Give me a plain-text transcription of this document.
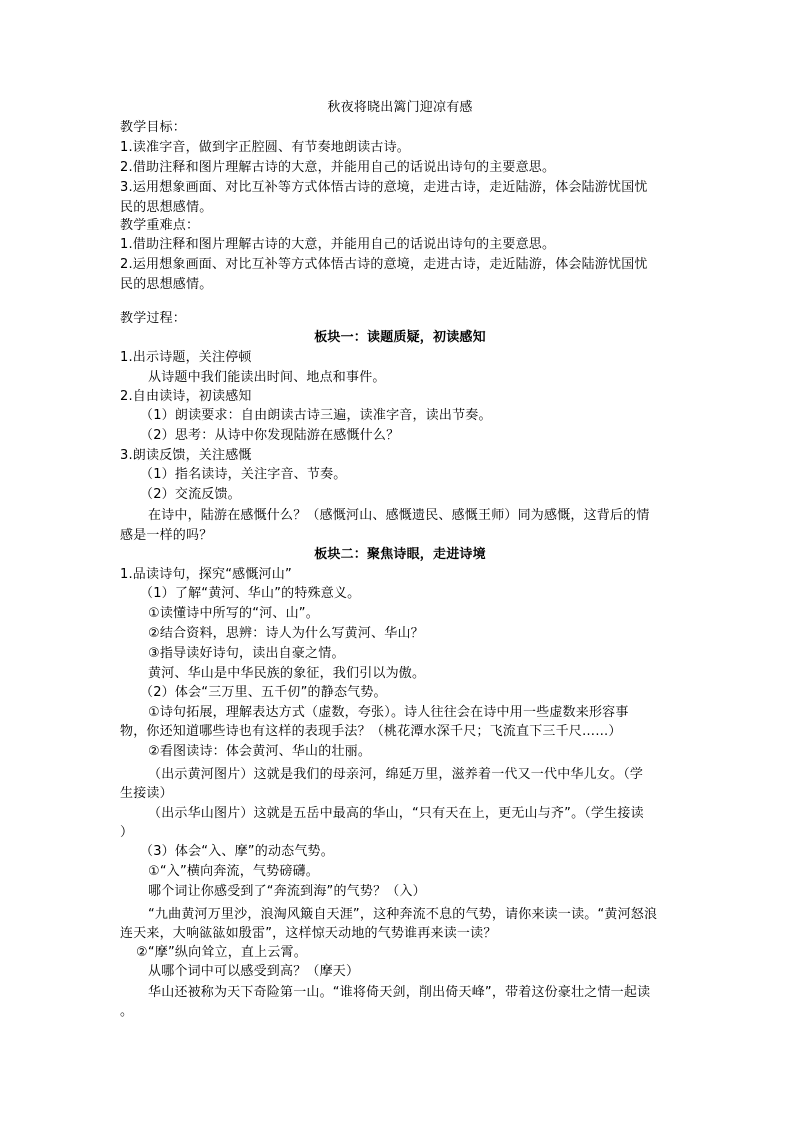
秋夜将晓出篱门迎凉有感
教学目标：
1.读准字音，做到字正腔圆、有节奏地朗读古诗。
2.借助注释和图片理解古诗的大意，并能用自己的话说出诗句的主要意思。
3.运用想象画面、对比互补等方式体悟古诗的意境，走进古诗，走近陆游，体会陆游忧国忧
民的思想感情。
教学重难点：
1.借助注释和图片理解古诗的大意，并能用自己的话说出诗句的主要意思。
2.运用想象画面、对比互补等方式体悟古诗的意境，走进古诗，走近陆游，体会陆游忧国忧
民的思想感情。
教学过程：
板块一：读题质疑，初读感知
1.出示诗题，关注停顿
从诗题中我们能读出时间、地点和事件。
2.自由读诗，初读感知
（1）朗读要求：自由朗读古诗三遍，读准字音，读出节奏。
（2）思考：从诗中你发现陆游在感慨什么？
3.朗读反馈，关注感慨
（1）指名读诗，关注字音、节奏。
（2）交流反馈。
在诗中，陆游在感慨什么？（感慨河山、感慨遗民、感慨王师）同为感慨，这背后的情
感是一样的吗？
板块二：聚焦诗眼，走进诗境
1.品读诗句，探究“感慨河山”
（1）了解“黄河、华山”的特殊意义。
①读懂诗中所写的“河、山”。
②结合资料，思辨：诗人为什么写黄河、华山？
③指导读好诗句，读出自豪之情。
黄河、华山是中华民族的象征，我们引以为傲。
（2）体会“三万里、五千仞”的静态气势。
①诗句拓展，理解表达方式（虚数，夸张）。诗人往往会在诗中用一些虚数来形容事
物，你还知道哪些诗也有这样的表现手法？（桃花潭水深千尺；飞流直下三千尺……）
②看图读诗：体会黄河、华山的壮丽。
（出示黄河图片）这就是我们的母亲河，绵延万里，滋养着一代又一代中华儿女。（学
生接读）
（出示华山图片）这就是五岳中最高的华山，“只有天在上，更无山与齐”。（学生接读
）
（3）体会“入、摩”的动态气势。
①“入”横向奔流，气势磅礴。
哪个词让你感受到了“奔流到海”的气势？（入）
“九曲黄河万里沙，浪淘风簸自天涯”，这种奔流不息的气势，请你来读一读。“黄河怒浪
连天来，大响谹谹如殷雷”，这样惊天动地的气势谁再来读一读？
②“摩”纵向耸立，直上云霄。
从哪个词中可以感受到高？（摩天）
华山还被称为天下奇险第一山。“谁将倚天剑，削出倚天峰”，带着这份豪壮之情一起读
。
